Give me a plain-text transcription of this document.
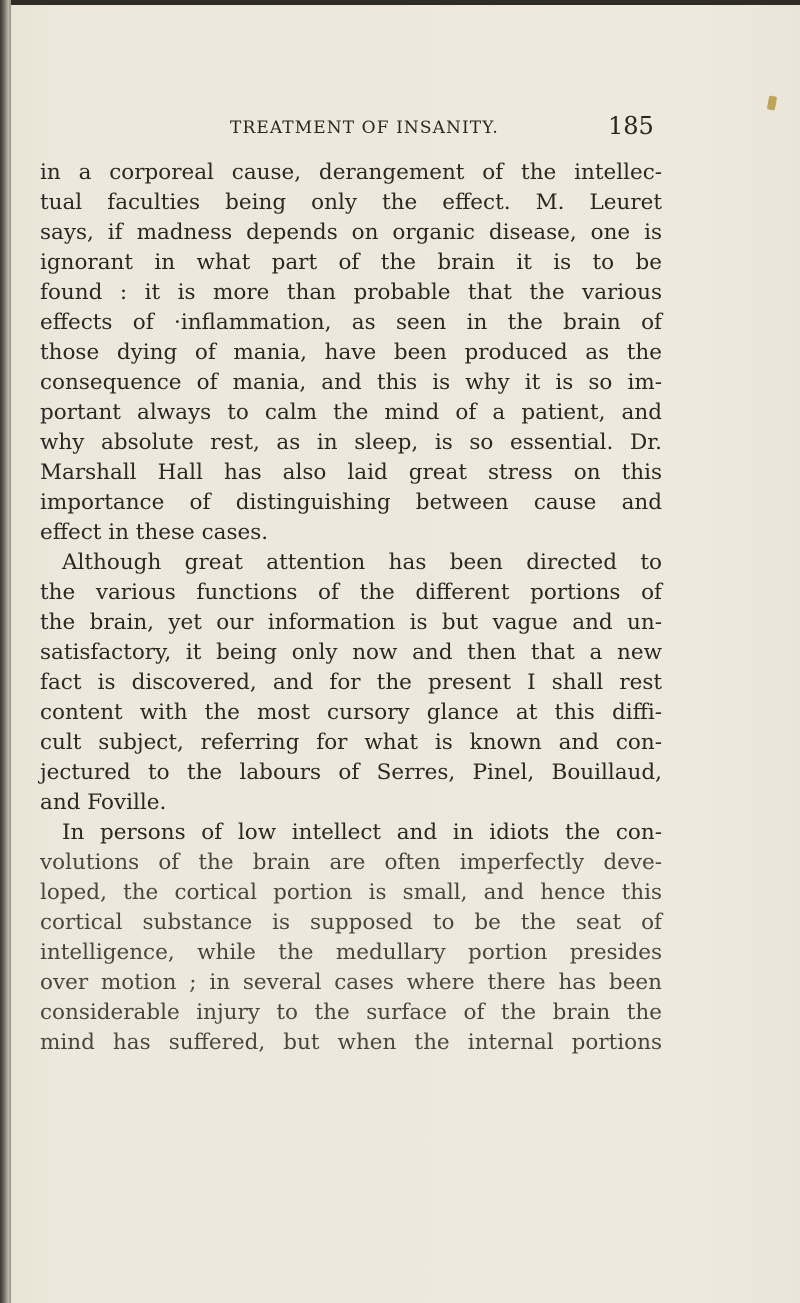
TREATMENT OF INSANITY.	185
in a corporeal cause, derangement of the intellec-
tual faculties being only the effect. M. Leuret
says, if madness depends on organic disease, one is
ignorant in what part of the brain it is to be
found : it is more than probable that the various
effects of ·inflammation, as seen in the brain of
those dying of mania, have been produced as the
consequence of mania, and this is why it is so im-
portant always to calm the mind of a patient, and
why absolute rest, as in sleep, is so essential. Dr.
Marshall Hall has also laid great stress on this
importance of distinguishing between cause and
effect in these cases.
Although great attention has been directed to
the various functions of the different portions of
the brain, yet our information is but vague and un-
satisfactory, it being only now and then that a new
fact is discovered, and for the present I shall rest
content with the most cursory glance at this diffi-
cult subject, referring for what is known and con-
jectured to the labours of Serres, Pinel, Bouillaud,
and Foville.
In persons of low intellect and in idiots the con-
volutions of the brain are often imperfectly deve-
loped, the cortical portion is small, and hence this
cortical substance is supposed to be the seat of
intelligence, while the medullary portion presides
over motion ; in several cases where there has been
considerable injury to the surface of the brain the
mind has suffered, but when the internal portions
